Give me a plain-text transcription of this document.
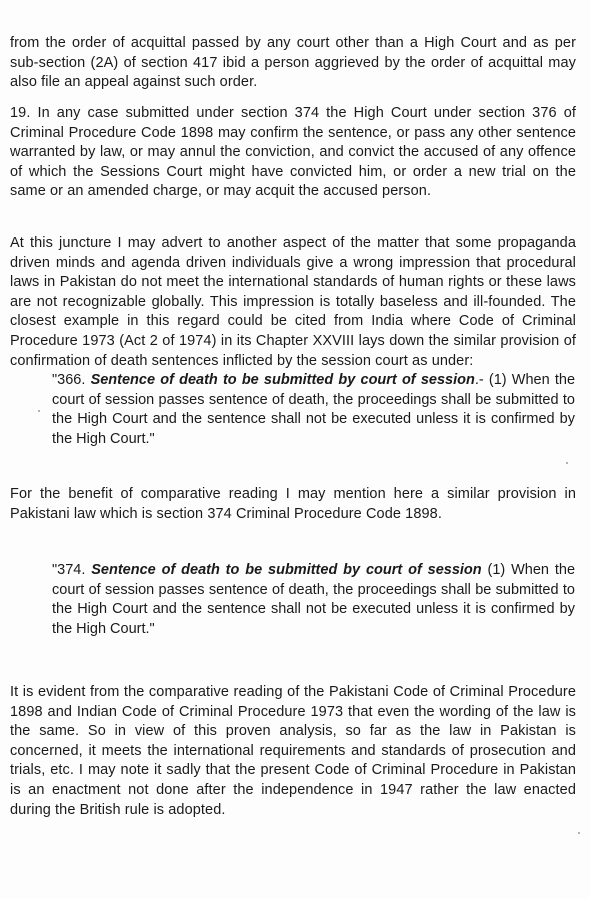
from the order of acquittal passed by any court other than a High Court and as per sub-section (2A) of section 417 ibid a person aggrieved by the order of acquittal may also file an appeal against such order.
19. In any case submitted under section 374 the High Court under section 376 of Criminal Procedure Code 1898 may confirm the sentence, or pass any other sentence warranted by law, or may annul the conviction, and convict the accused of any offence of which the Sessions Court might have convicted him, or order a new trial on the same or an amended charge, or may acquit the accused person.
At this juncture I may advert to another aspect of the matter that some propaganda driven minds and agenda driven individuals give a wrong impression that procedural laws in Pakistan do not meet the international standards of human rights or these laws are not recognizable globally. This impression is totally baseless and ill-founded. The closest example in this regard could be cited from India where Code of Criminal Procedure 1973 (Act 2 of 1974) in its Chapter XXVIII lays down the similar provision of confirmation of death sentences inflicted by the session court as under:
"366. Sentence of death to be submitted by court of session.- (1) When the court of session passes sentence of death, the proceedings shall be submitted to the High Court and the sentence shall not be executed unless it is confirmed by the High Court."
For the benefit of comparative reading I may mention here a similar provision in Pakistani law which is section 374 Criminal Procedure Code 1898.
"374. Sentence of death to be submitted by court of session (1) When the court of session passes sentence of death, the proceedings shall be submitted to the High Court and the sentence shall not be executed unless it is confirmed by the High Court."
It is evident from the comparative reading of the Pakistani Code of Criminal Procedure 1898 and Indian Code of Criminal Procedure 1973 that even the wording of the law is the same. So in view of this proven analysis, so far as the law in Pakistan is concerned, it meets the international requirements and standards of prosecution and trials, etc. I may note it sadly that the present Code of Criminal Procedure in Pakistan is an enactment not done after the independence in 1947 rather the law enacted during the British rule is adopted.
